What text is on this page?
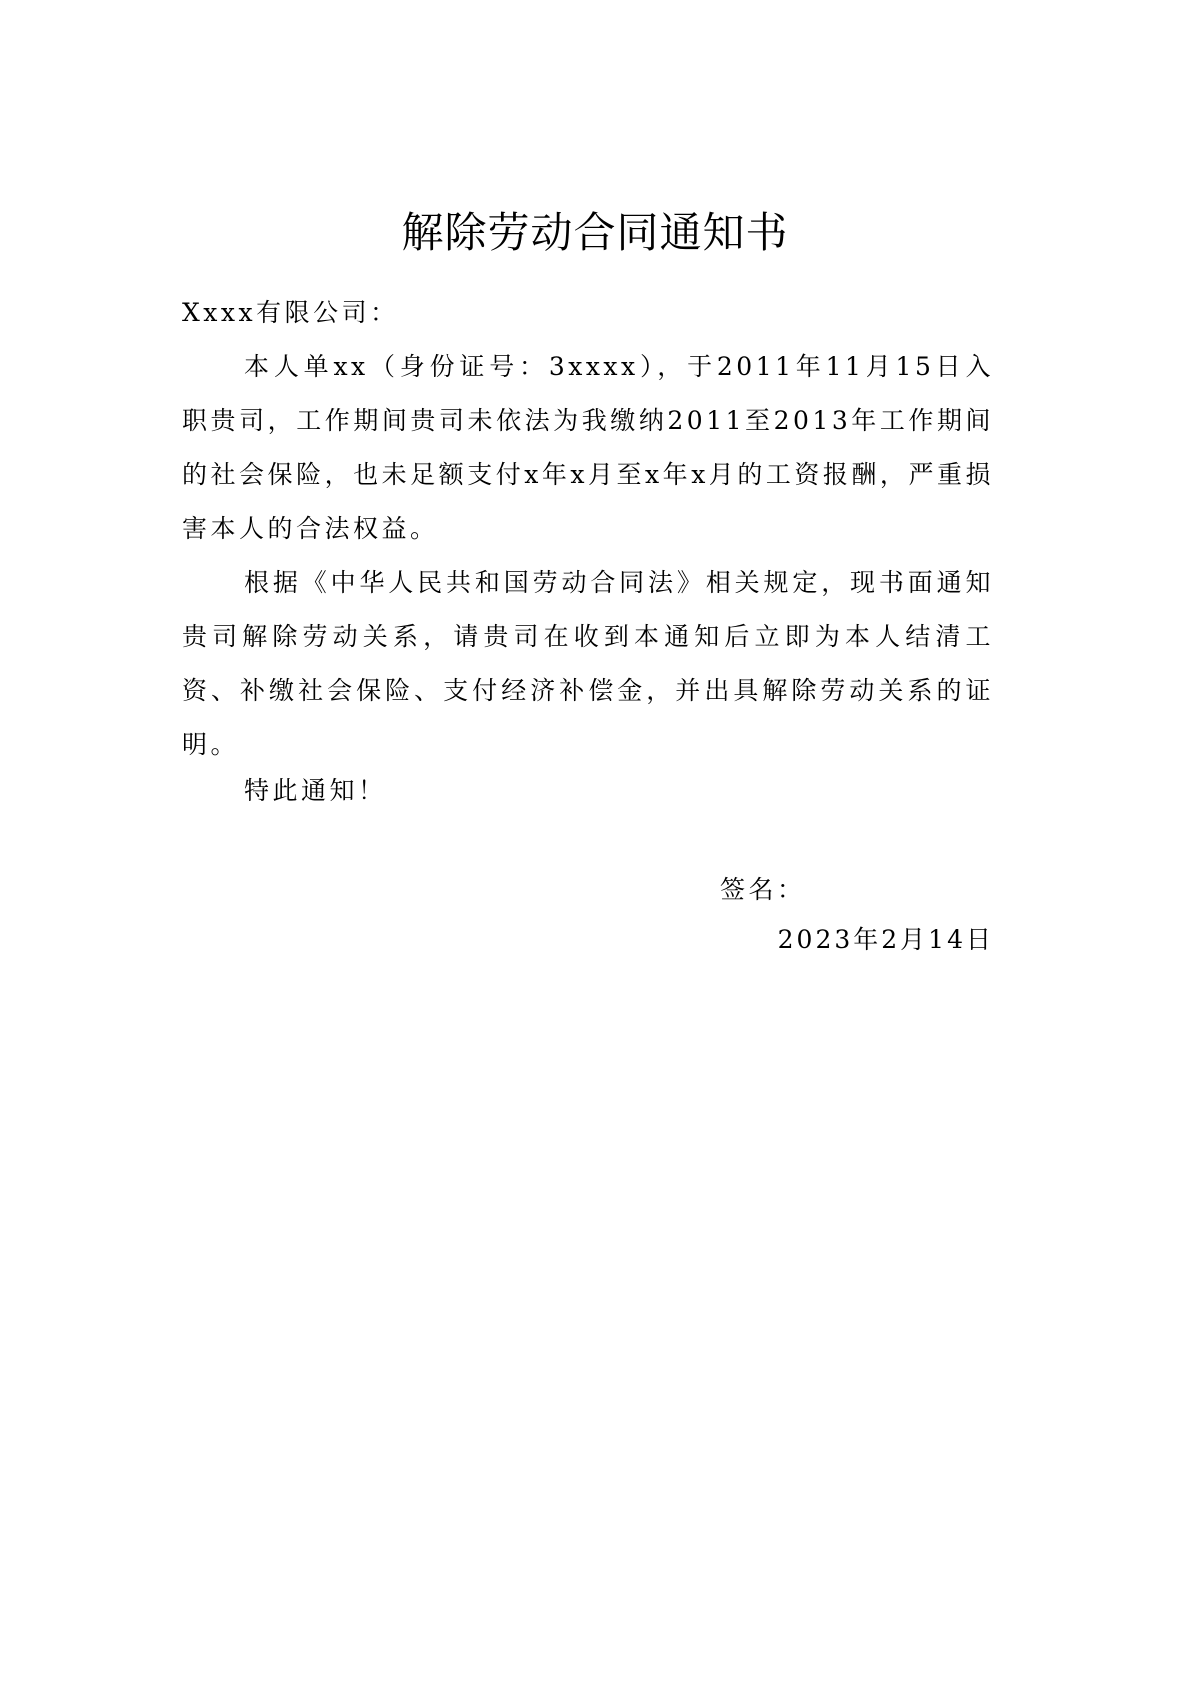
解除劳动合同通知书
Xxxx有限公司：
本人单xx（身份证号：3xxxx），于2011年11月15日入职贵司，工作期间贵司未依法为我缴纳2011至2013年工作期间的社会保险，也未足额支付x年x月至x年x月的工资报酬，严重损害本人的合法权益。
根据《中华人民共和国劳动合同法》相关规定，现书面通知贵司解除劳动关系，请贵司在收到本通知后立即为本人结清工资、补缴社会保险、支付经济补偿金，并出具解除劳动关系的证明。
特此通知！
签名：
2023年2月14日
